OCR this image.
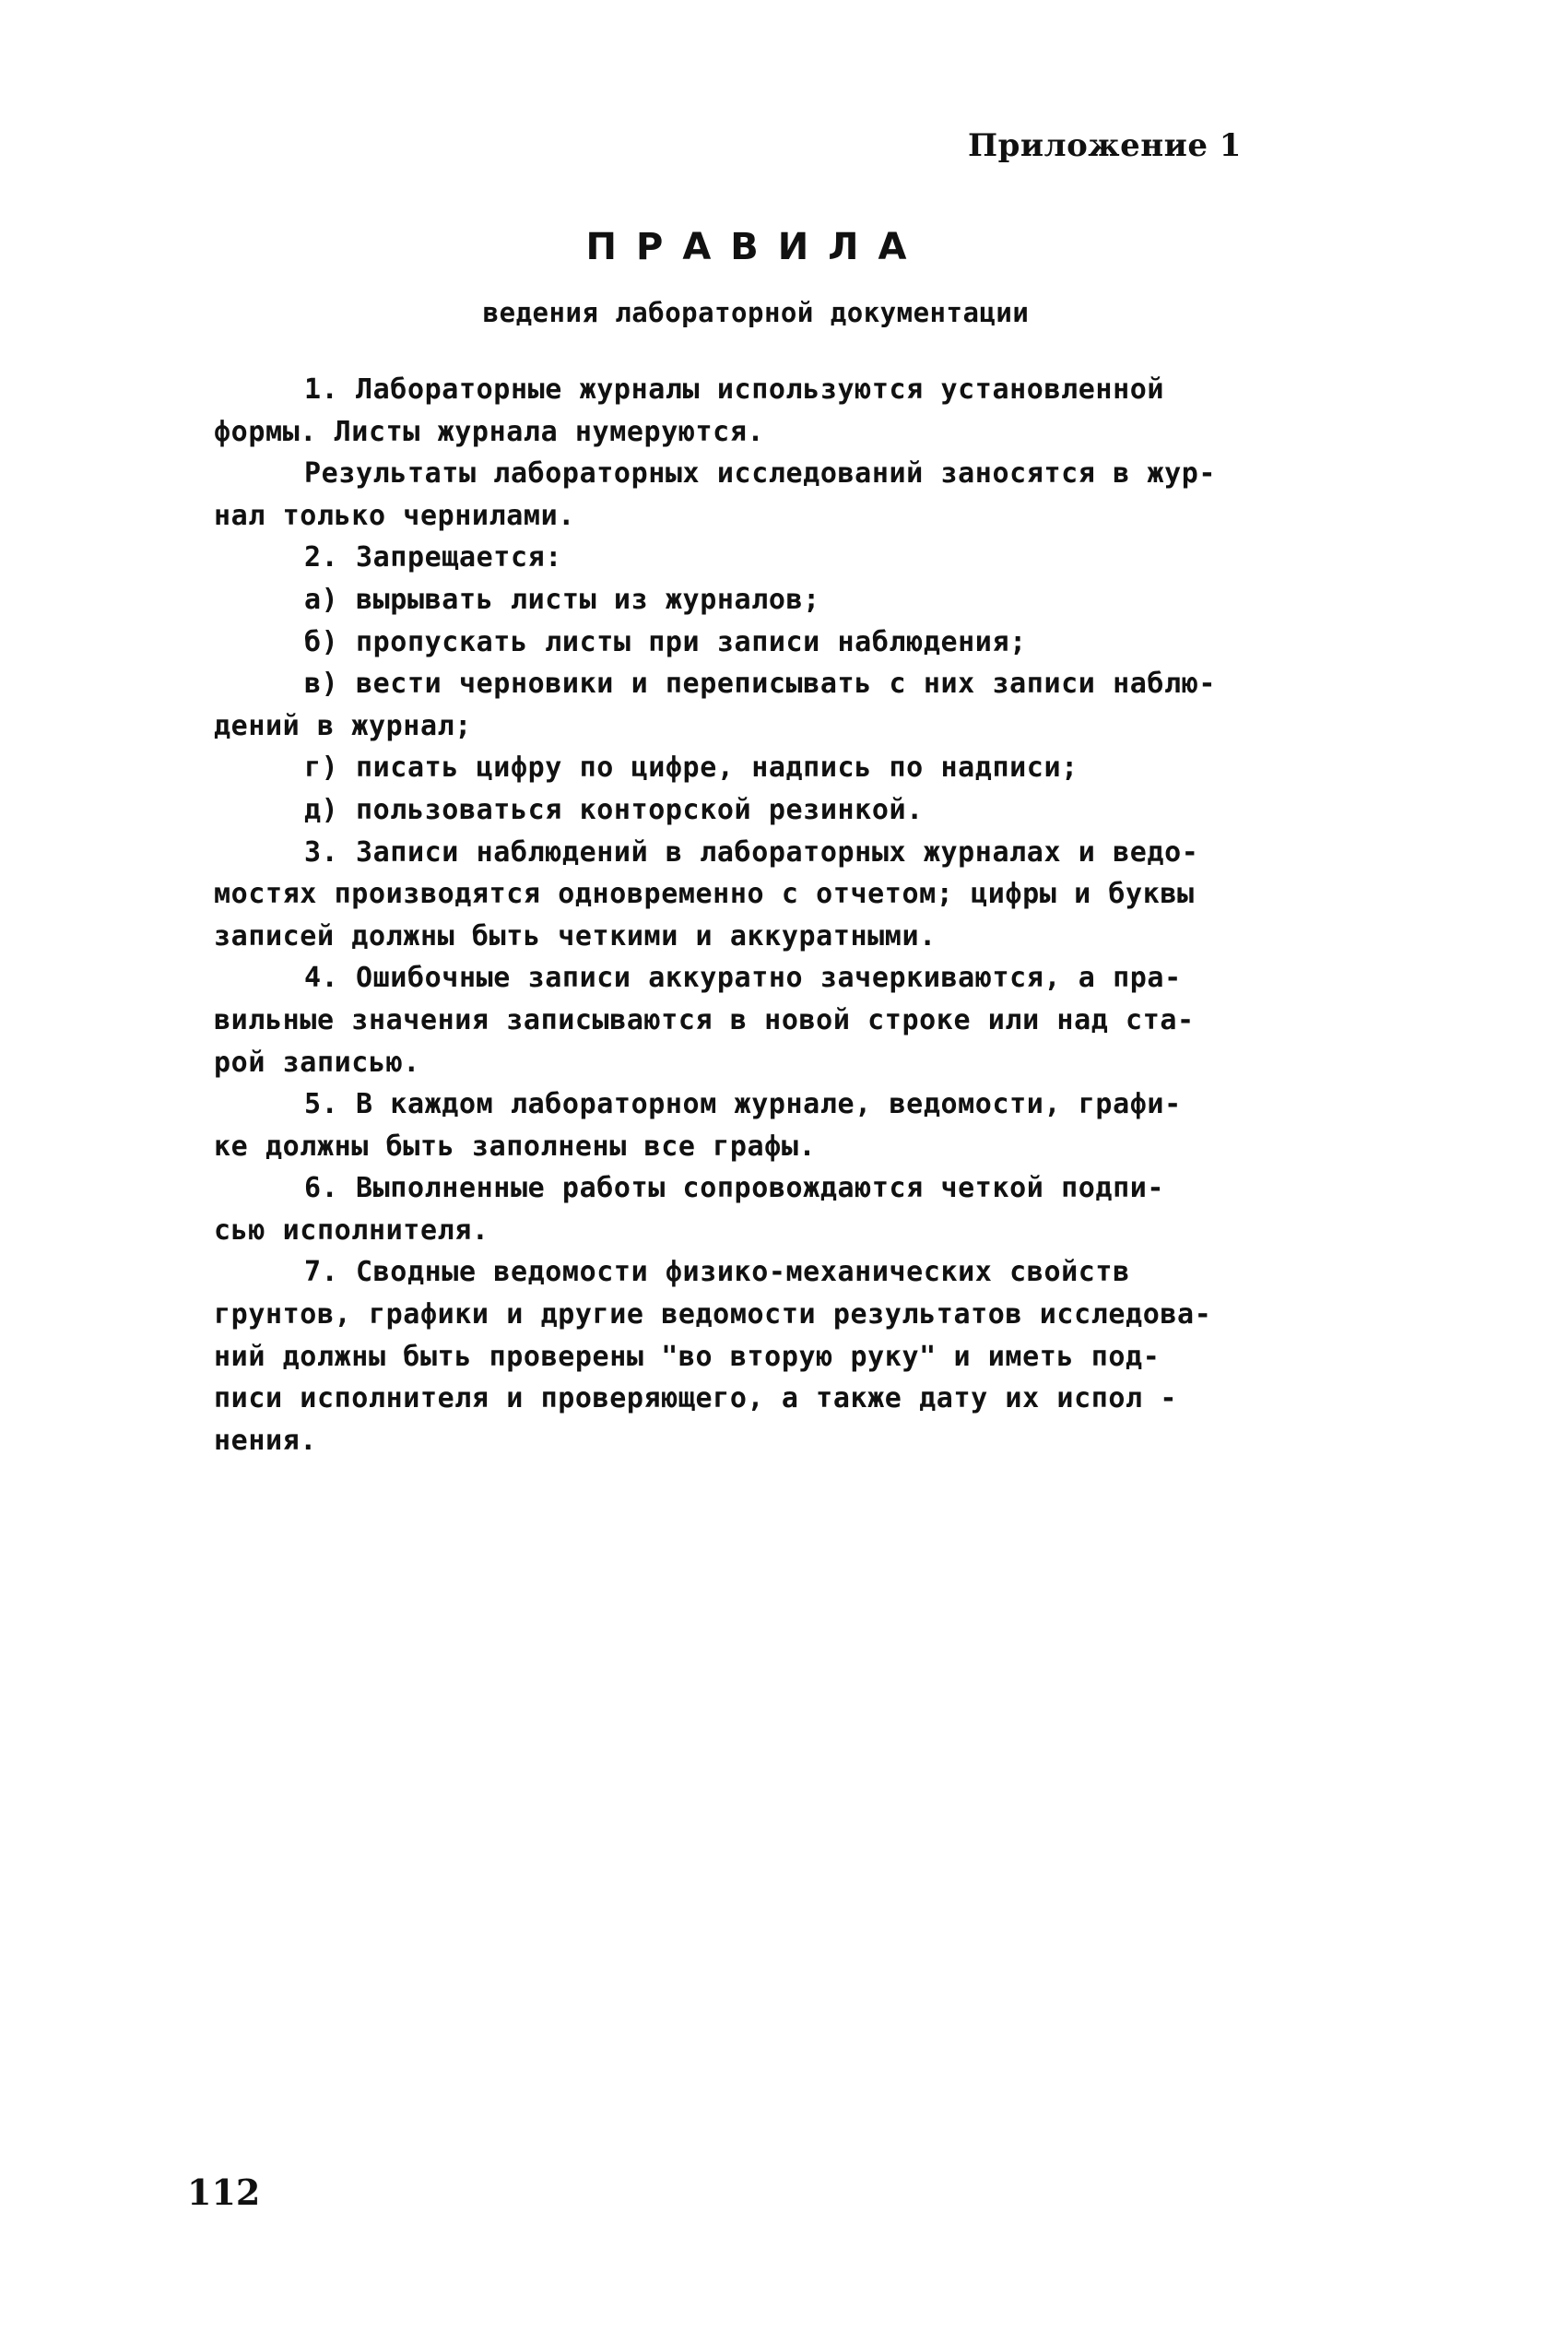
Приложение 1
ПРАВИЛА
ведения лабораторной документации
1. Лабораторные журналы используются установленной
формы. Листы журнала нумеруются.
Результаты лабораторных исследований заносятся в жур-
нал только чернилами.
2. Запрещается:
а) вырывать листы из журналов;
б) пропускать листы при записи наблюдения;
в) вести черновики и переписывать с них записи наблю-
дений в журнал;
г) писать цифру по цифре, надпись по надписи;
д) пользоваться конторской резинкой.
3. Записи наблюдений в лабораторных журналах и ведо-
мостях производятся одновременно с отчетом; цифры и буквы
записей должны быть четкими и аккуратными.
4. Ошибочные записи аккуратно зачеркиваются, а пра-
вильные значения записываются в новой строке или над ста-
рой записью.
5. В каждом лабораторном журнале, ведомости, графи-
ке должны быть заполнены все графы.
6. Выполненные работы сопровождаются четкой подпи-
сью исполнителя.
7. Сводные ведомости физико-механических свойств
грунтов, графики и другие ведомости результатов исследова-
ний должны быть проверены "во вторую руку" и иметь под-
писи исполнителя и проверяющего, а также дату их испол -
нения.
112
